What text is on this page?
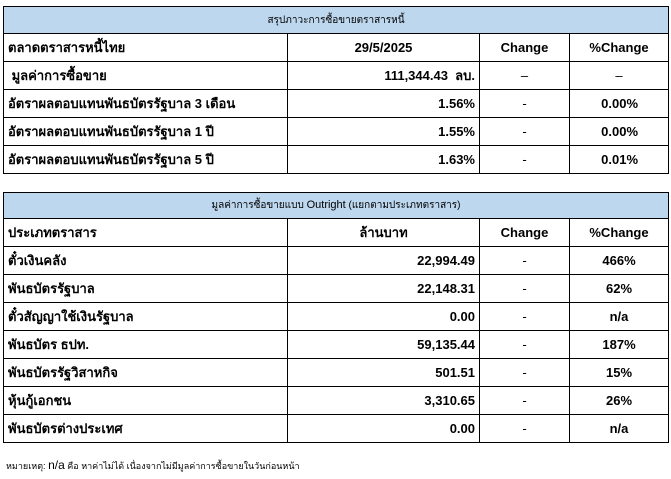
สรุปภาวะการซื้อขายตราสารหนี้			
ตลาดตราสารหนี้ไทย	29/5/2025	Change	%Change
มูลค่าการซื้อขาย	111,344.43  ลบ.	–	–
อัตราผลตอบแทนพันธบัตรรัฐบาล 3 เดือน	1.56%	-	0.00%
อัตราผลตอบแทนพันธบัตรรัฐบาล 1 ปี	1.55%	-	0.00%
อัตราผลตอบแทนพันธบัตรรัฐบาล 5 ปี	1.63%	-	0.01%
มูลค่าการซื้อขายแบบ Outright (แยกตามประเภทตราสาร)			
ประเภทตราสาร	ล้านบาท	Change	%Change
ตั๋วเงินคลัง	22,994.49	-	466%
พันธบัตรรัฐบาล	22,148.31	-	62%
ตั๋วสัญญาใช้เงินรัฐบาล	0.00	-	n/a
พันธบัตร ธปท.	59,135.44	-	187%
พันธบัตรรัฐวิสาหกิจ	501.51	-	15%
หุ้นกู้เอกชน	3,310.65	-	26%
พันธบัตรต่างประเทศ	0.00	-	n/a
หมายเหตุ: n/a คือ หาค่าไม่ได้ เนื่องจากไม่มีมูลค่าการซื้อขายในวันก่อนหน้า
